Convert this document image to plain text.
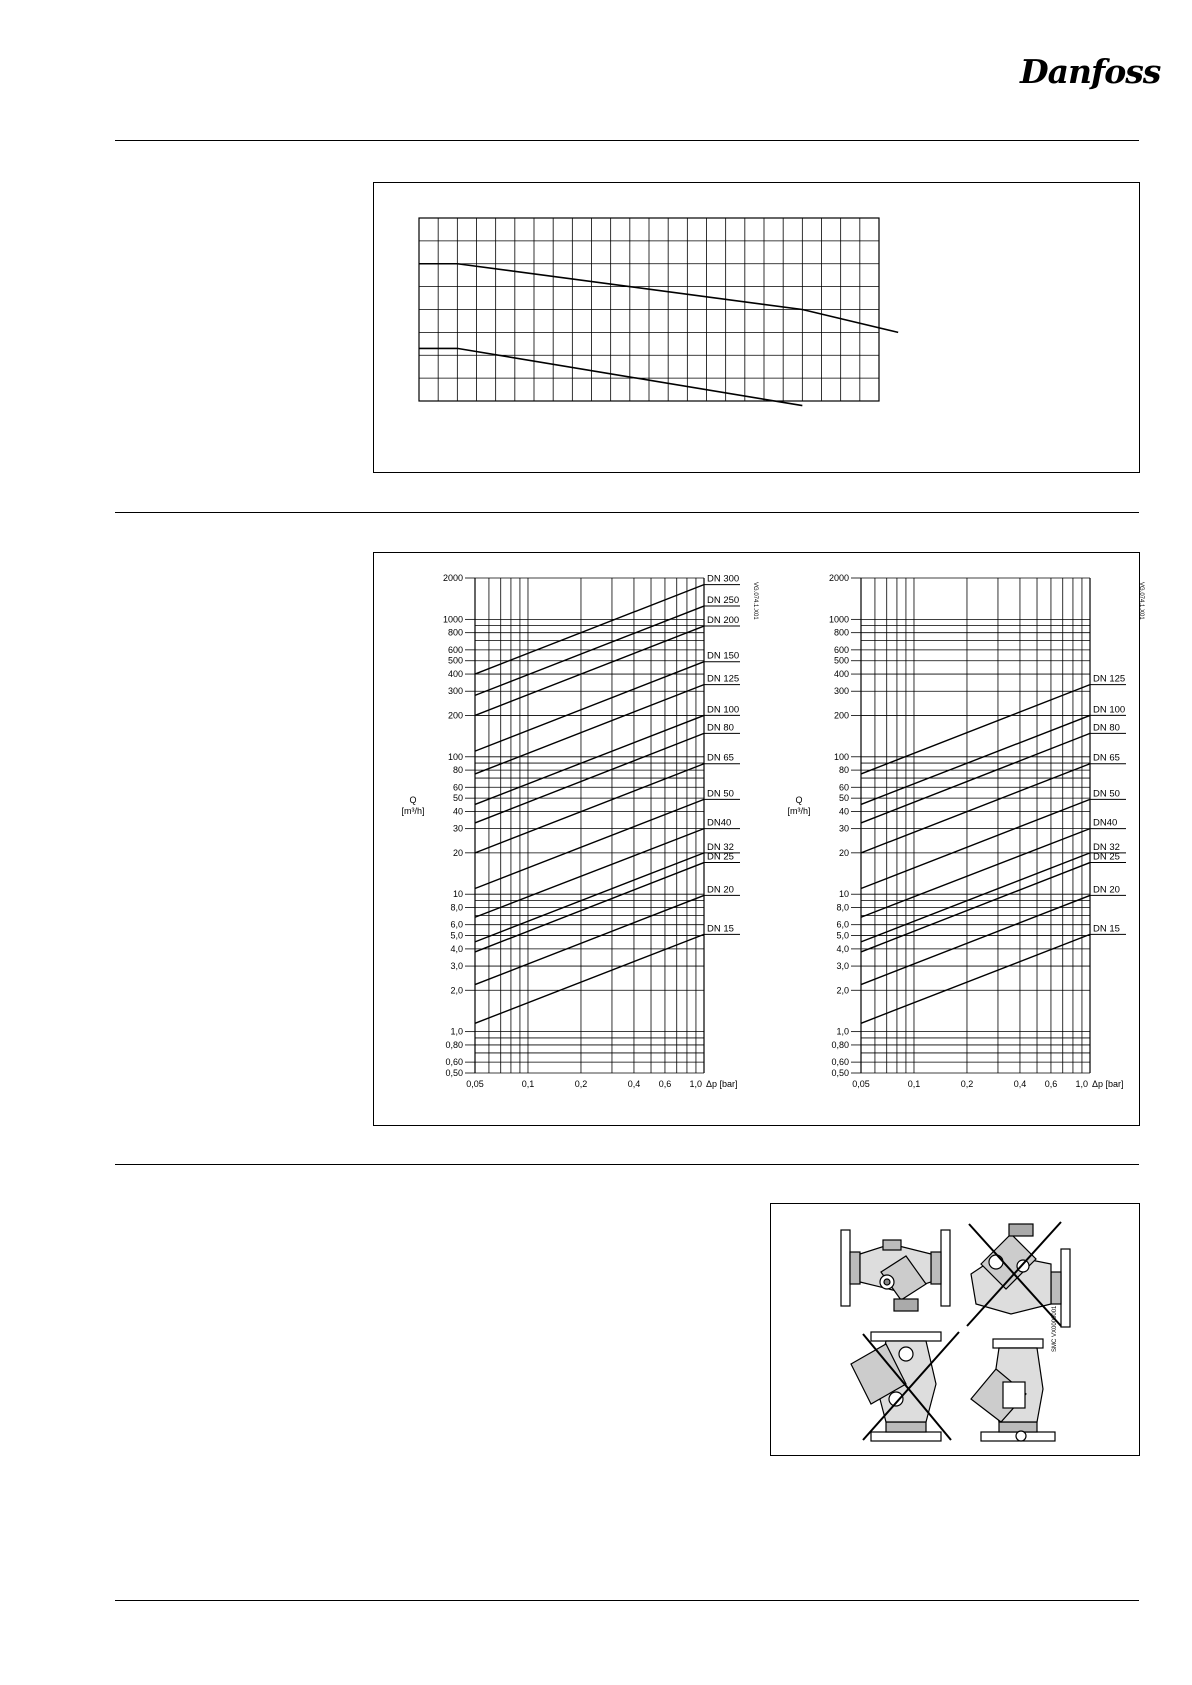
Danfoss
2000
1000
800
600
500
400
300
200
100
80
60
50
40
30
20
10
8,0
6,0
5,0
4,0
3,0
2,0
1,0
0,80
0,60
0,50
0,05	0,1	0,2	0,4 0,6 1,0 Δp [bar]
Q
[m³/h]
VG.074.1.X01
DN 300
DN 250
DN 200
DN 150
DN 125
DN 100
DN 80
DN 65
DN 50
DN40
DN 32
DN 25
DN 20
DN 15
2000
1000
800
600
500
400
300
200
100
80
60
50
40
30
20
10
8,0
6,0
5,0
4,0
3,0
2,0
1,0
0,80
0,60
0,50
0,05	0,1	0,2	0,4 0,6 1,0 Δp [bar]
Q
[m³/h]
VG.074.1.X01
DN 125
DN 100
DN 80
DN 65
DN 50
DN40
DN 32
DN 25
DN 20
DN 15
SMC VX0000001
